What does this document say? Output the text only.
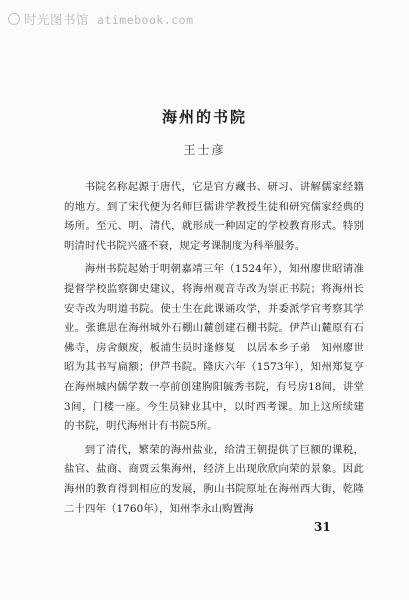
时光图书馆 atimebook.com
海州的书院
王士彦

书院名称起源于唐代，它是官方藏书、研习、讲解儒家经籍的地方。到了宋代便为名师巨儒讲学教授生徒和研究儒家经典的场所。至元、明、清代，就形成一种固定的学校教育形式。特别明清时代书院兴盛不衰，规定考课制度为科举服务。

海州书院起始于明朝嘉靖三年（1524年），知州廖世昭请准提督学校监察御史建议，将海州观音寺改为崇正书院；将海州长安寺改为明道书院。使士生在此课诵攻学，并委派学官考察其学业。张谯思在海州城外石棚山麓创建石棚书院。伊芦山麓原有石佛寺，房舍颇废，板浦生员时逢修复　以居本乡子弟　知州廖世昭为其书写扁额；伊芦书院。隆庆六年（1573年），知州郑复亨在海州城内儒学数一亭前创建朐阳毓秀书院，有号房18间，讲堂3间，门楼一座。今生员肄业其中，以时西考课。加上这所续建的书院，明代海州计有书院5所。

到了清代，繁荣的海州盐业，给清王朝提供了巨额的课税，盐官、盐商、商贾云集海州，经济上出现欣欣向荣的景象。因此海州的教育得到相应的发展，朐山书院原址在海州西大街，乾隆二十四年（1760年），知州李永山购置海

31
